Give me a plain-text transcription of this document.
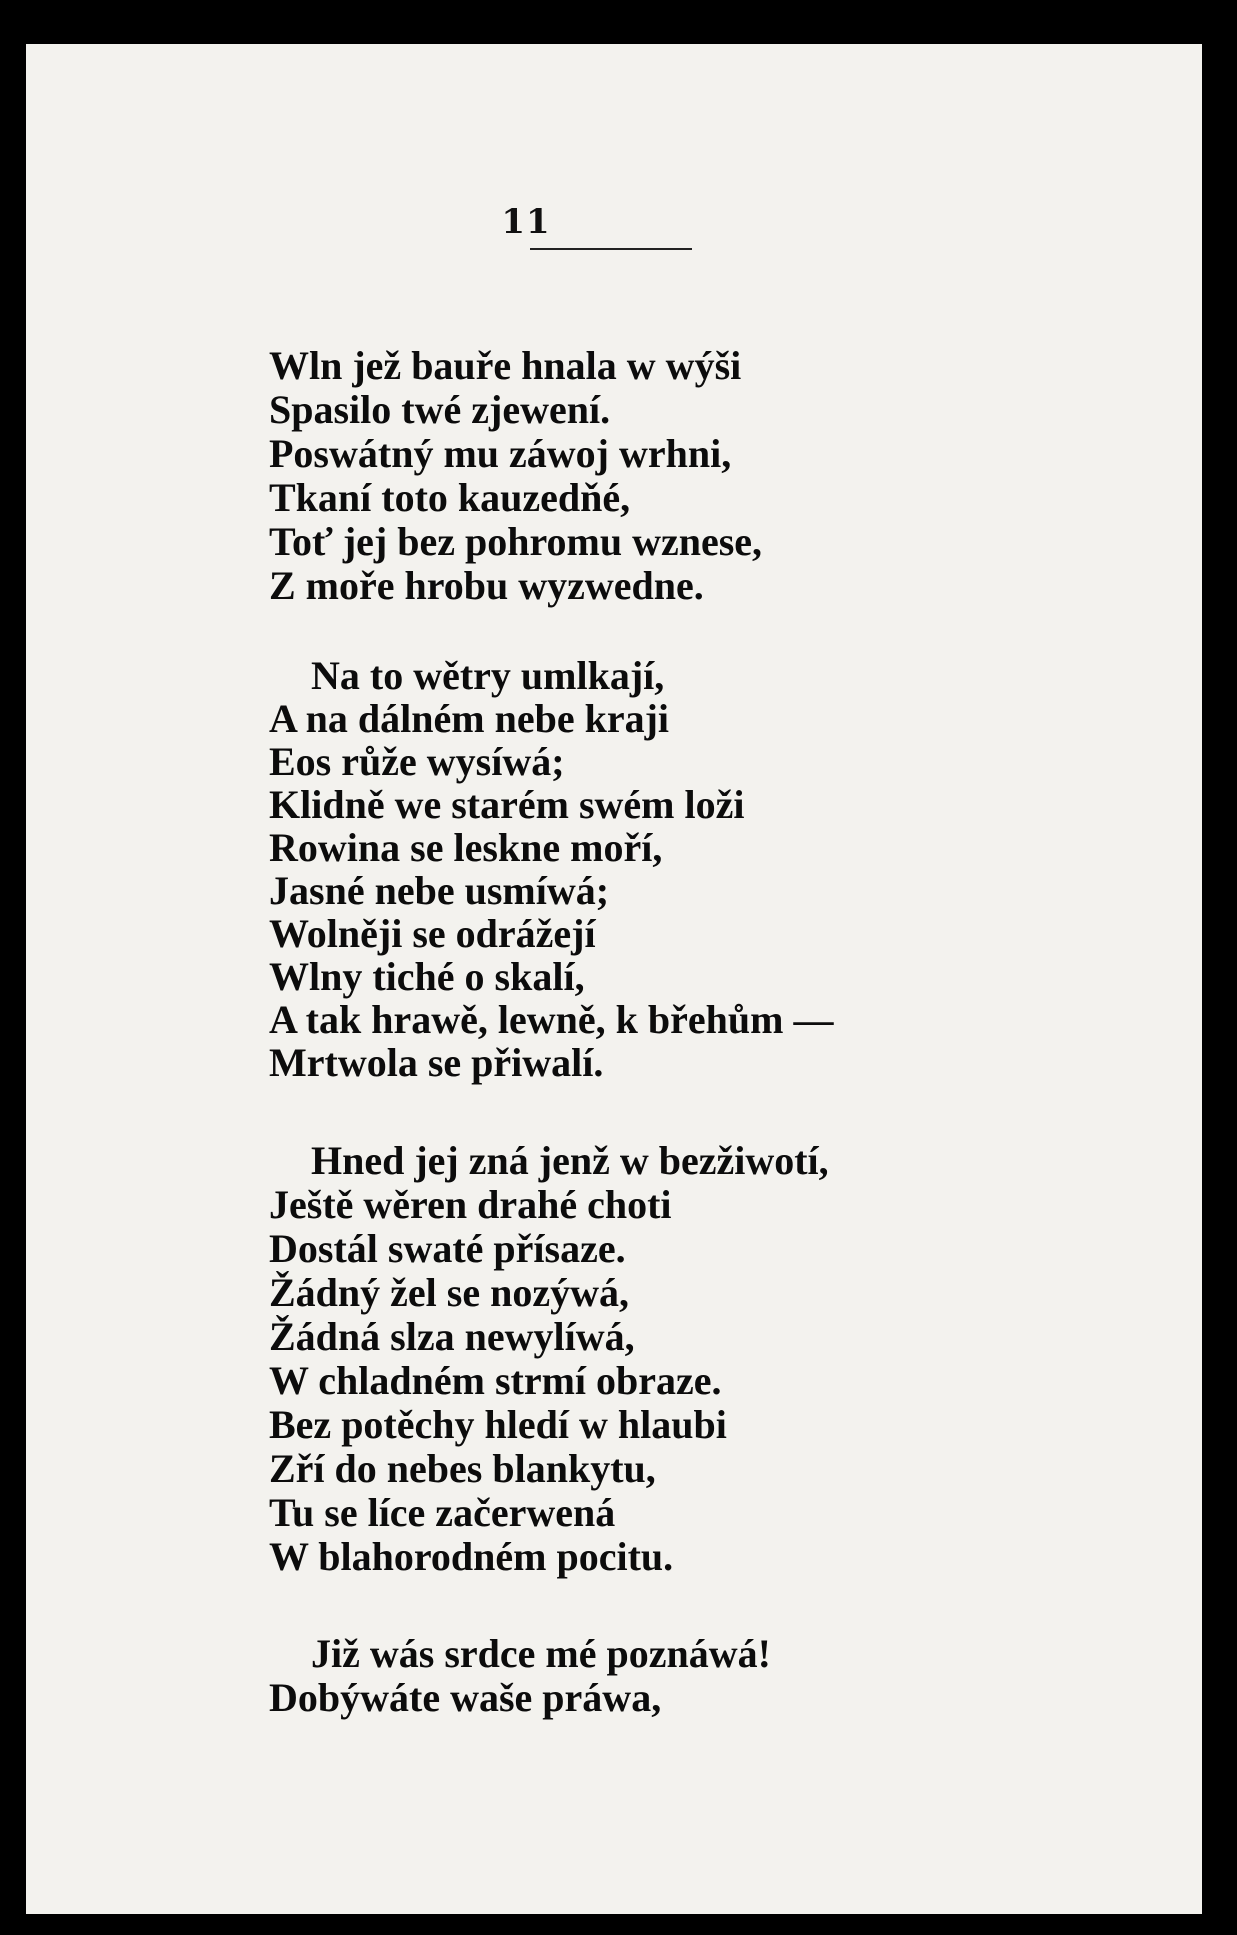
11
Wln jež bauře hnala w wýši
Spasilo twé zjewení.
Poswátný mu záwoj wrhni,
Tkaní toto kauzedňé,
Toť jej bez pohromu wznese,
Z moře hrobu wyzwedne.
Na to wětry umlkají,
A na dálném nebe kraji
Eos růže wysíwá;
Klidně we starém swém loži
Rowina se leskne moří,
Jasné nebe usmíwá;
Wolněji se odrážejí
Wlny tiché o skalí,
A tak hrawě, lewně, k břehům —
Mrtwola se přiwalí.
Hned jej zná jenž w bezžiwotí,
Ještě wěren drahé choti
Dostál swaté přísaze.
Žádný žel se nozýwá,
Žádná slza newylíwá,
W chladném strmí obraze.
Bez potěchy hledí w hlaubi
Zří do nebes blankytu,
Tu se líce začerwená
W blahorodném pocitu.
Již wás srdce mé poznáwá!
Dobýwáte waše práwa,
